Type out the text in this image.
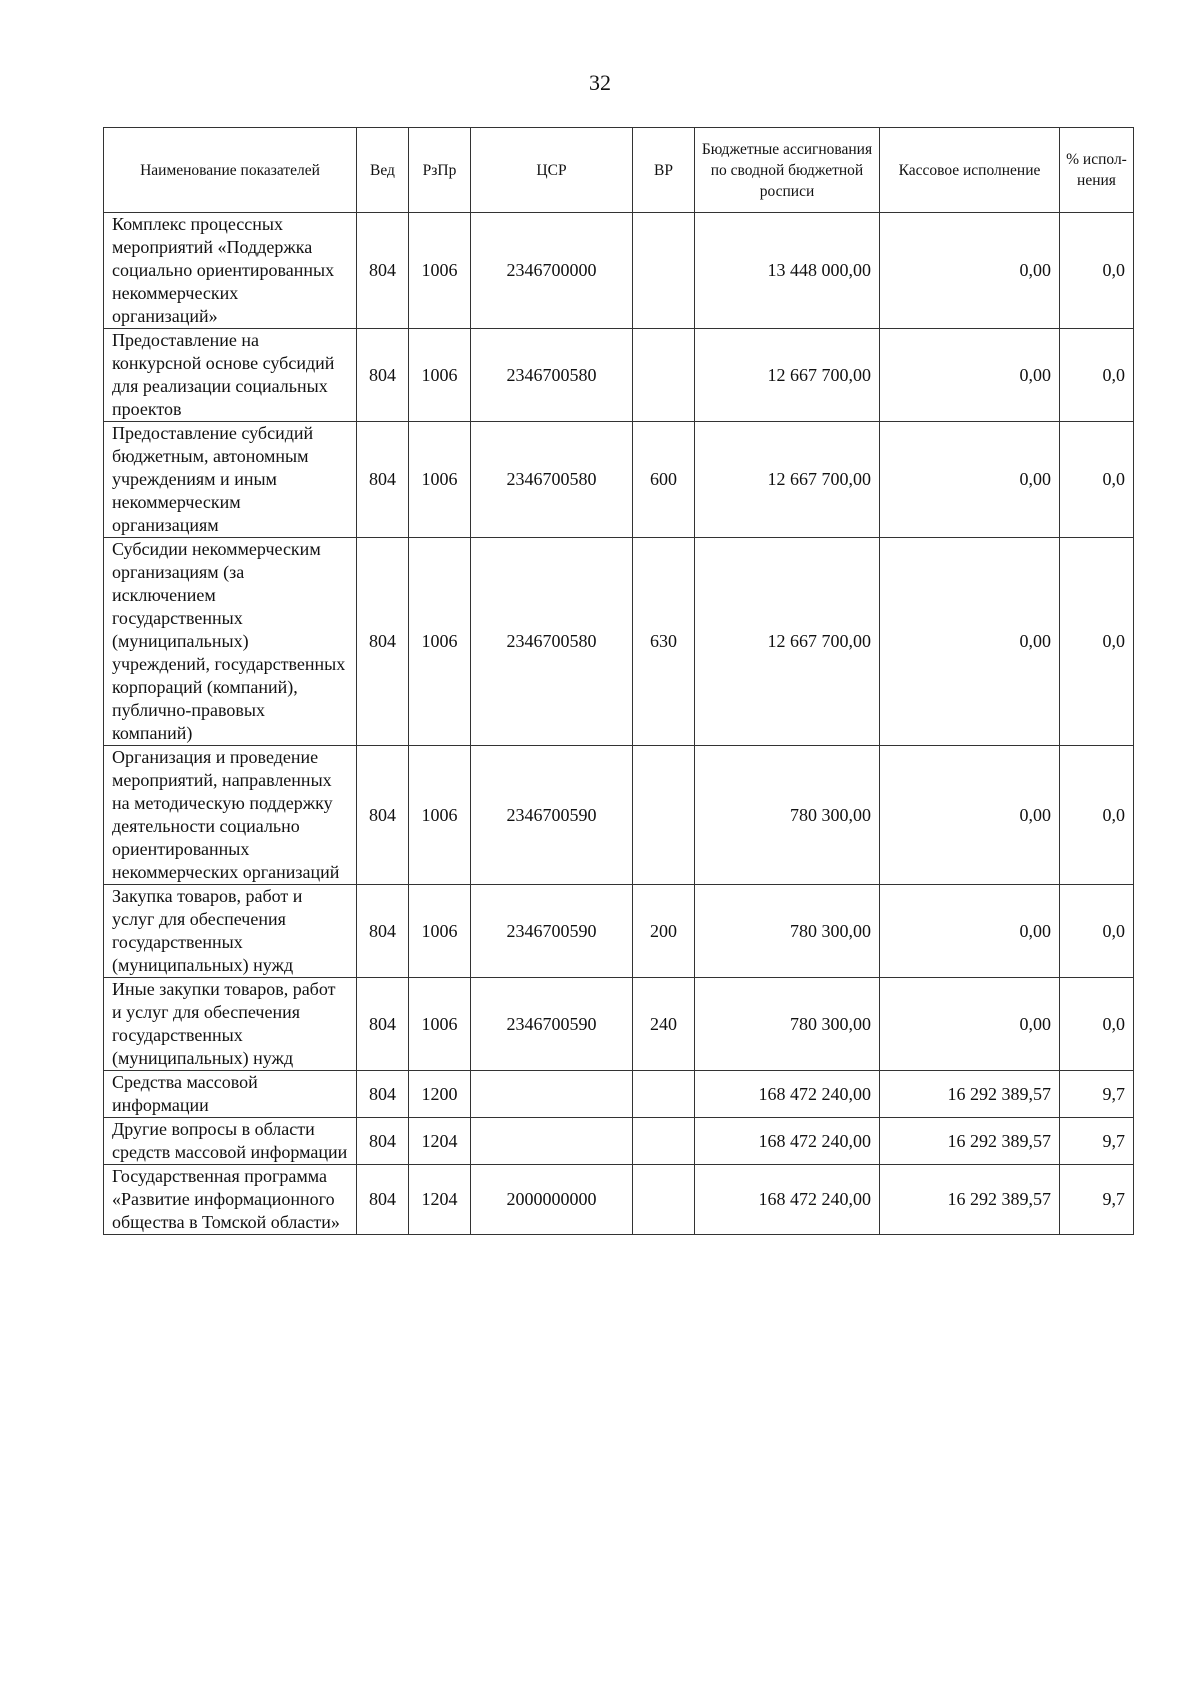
32
Наименование показателей	Вед	РзПр	ЦСР	ВР	Бюджетные ассигнования по сводной бюджетной росписи	Кассовое исполнение	% испол-нения
Комплекс процессных мероприятий «Поддержка социально ориентированных некоммерческих организаций»	804	1006	2346700000		13 448 000,00	0,00	0,0
Предоставление на конкурсной основе субсидий для реализации социальных проектов	804	1006	2346700580		12 667 700,00	0,00	0,0
Предоставление субсидий бюджетным, автономным учреждениям и иным некоммерческим организациям	804	1006	2346700580	600	12 667 700,00	0,00	0,0
Субсидии некоммерческим организациям (за исключением государственных (муниципальных) учреждений, государственных корпораций (компаний), публично-правовых компаний)	804	1006	2346700580	630	12 667 700,00	0,00	0,0
Организация и проведение мероприятий, направленных на методическую поддержку деятельности социально ориентированных некоммерческих организаций	804	1006	2346700590		780 300,00	0,00	0,0
Закупка товаров, работ и услуг для обеспечения государственных (муниципальных) нужд	804	1006	2346700590	200	780 300,00	0,00	0,0
Иные закупки товаров, работ и услуг для обеспечения государственных (муниципальных) нужд	804	1006	2346700590	240	780 300,00	0,00	0,0
Средства массовой информации	804	1200			168 472 240,00	16 292 389,57	9,7
Другие вопросы в области средств массовой информации	804	1204			168 472 240,00	16 292 389,57	9,7
Государственная программа «Развитие информационного общества в Томской области»	804	1204	2000000000		168 472 240,00	16 292 389,57	9,7
